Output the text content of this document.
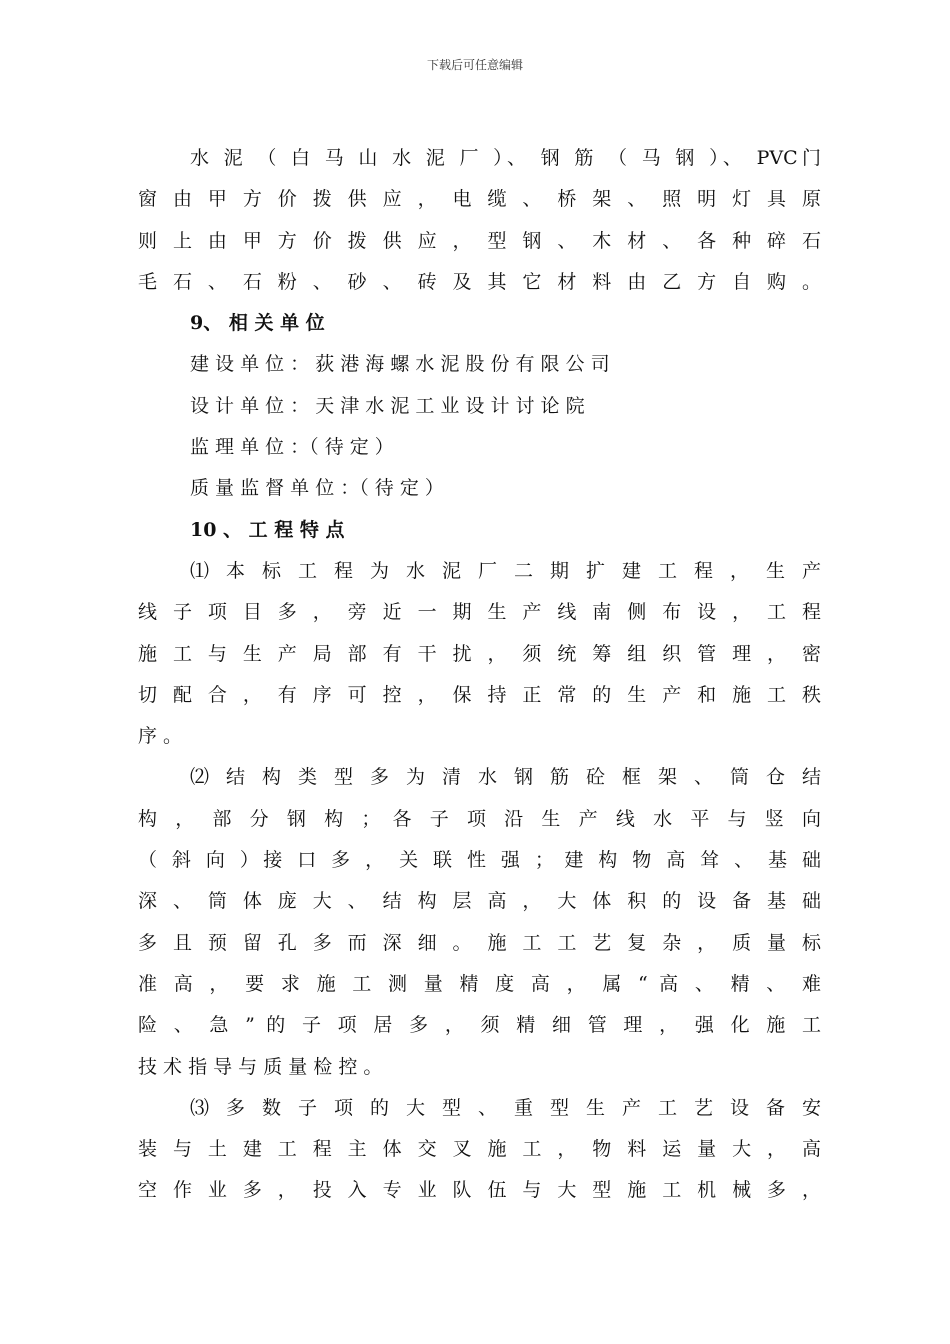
下载后可任意编辑
水 泥 （ 白 马 山 水 泥 厂 ）、 钢 筋 （ 马 钢 ）、 PVC门
窗 由 甲 方 价 拨 供 应 ， 电 缆 、 桥 架 、 照 明 灯 具 原
则 上 由 甲 方 价 拨 供 应 ， 型 钢 、 木 材 、 各 种 碎 石
毛 石 、 石 粉 、 砂 、 砖 及 其 它 材 料 由 乙 方 自 购 。
9、 相 关 单 位
建 设 单 位 ： 荻 港 海 螺 水 泥 股 份 有 限 公 司
设 计 单 位 ： 天 津 水 泥 工 业 设 计 讨 论 院
监 理 单 位 ：（ 待 定 ）
质 量 监 督 单 位 ：（ 待 定 ）
10 、 工 程 特 点
⑴ 本 标 工 程 为 水 泥 厂 二 期 扩 建 工 程 ， 生 产
线 子 项 目 多 ， 旁 近 一 期 生 产 线 南 侧 布 设 ， 工 程
施 工 与 生 产 局 部 有 干 扰 ， 须 统 筹 组 织 管 理 ， 密
切 配 合 ， 有 序 可 控 ， 保 持 正 常 的 生 产 和 施 工 秩
序 。
⑵ 结 构 类 型 多 为 清 水 钢 筋 砼 框 架 、 筒 仓 结
构 ， 部 分 钢 构 ； 各 子 项 沿 生 产 线 水 平 与 竖 向
（ 斜 向 ）接 口 多 ， 关 联 性 强 ； 建 构 物 高 耸 、 基 础
深 、 筒 体 庞 大 、 结 构 层 高 ， 大 体 积 的 设 备 基 础
多 且 预 留 孔 多 而 深 细 。 施 工 工 艺 复 杂 ， 质 量 标
准 高 ， 要 求 施 工 测 量 精 度 高 ， 属 “ 高 、 精 、 难
险 、 急 ” 的 子 项 居 多 ， 须 精 细 管 理 ， 强 化 施 工
技 术 指 导 与 质 量 检 控 。
⑶ 多 数 子 项 的 大 型 、 重 型 生 产 工 艺 设 备 安
装 与 土 建 工 程 主 体 交 叉 施 工 ， 物 料 运 量 大 ， 高
空 作 业 多 ， 投 入 专 业 队 伍 与 大 型 施 工 机 械 多 ，
